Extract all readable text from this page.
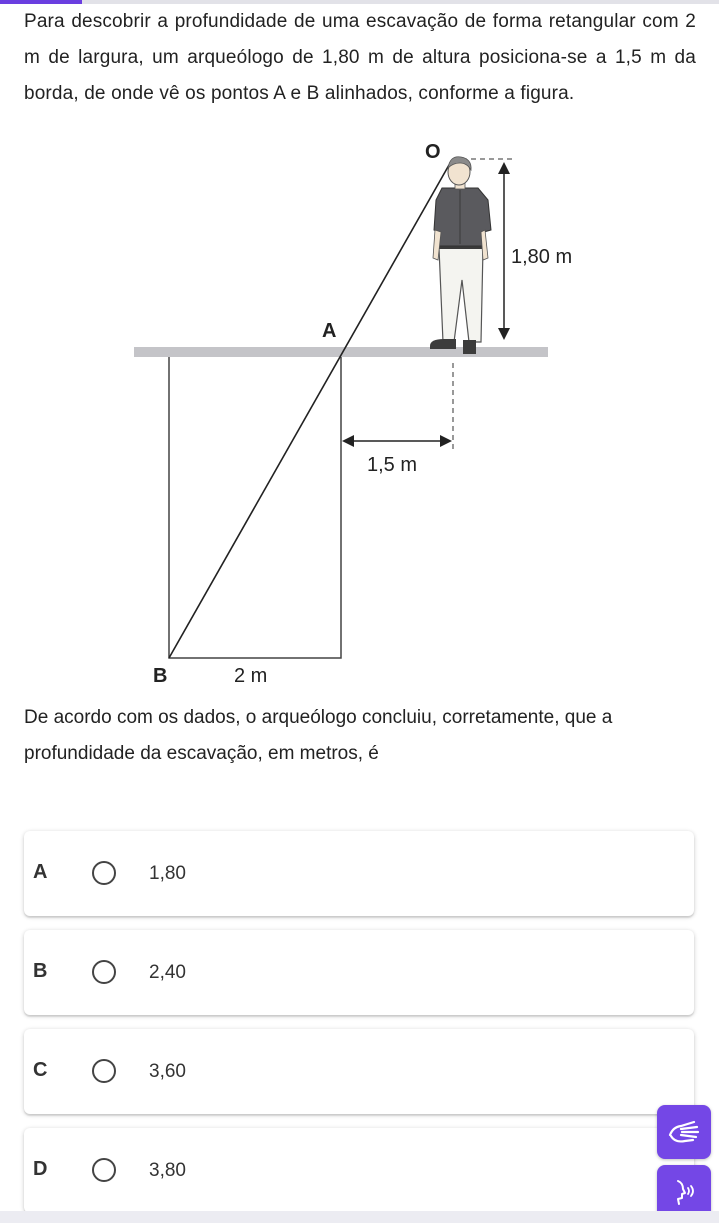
Para descobrir a profundidade de uma escavação de forma retangular com 2 m de largura, um arqueólogo de 1,80 m de altura posiciona-se a 1,5 m da borda, de onde vê os pontos A e B alinhados, conforme a figura.
O
A
B
1,80 m
1,5 m
2 m
De acordo com os dados, o arqueólogo concluiu, corretamente, que a profundidade da escavação, em metros, é
A	1,80
B	2,40
C	3,60
D	3,80
